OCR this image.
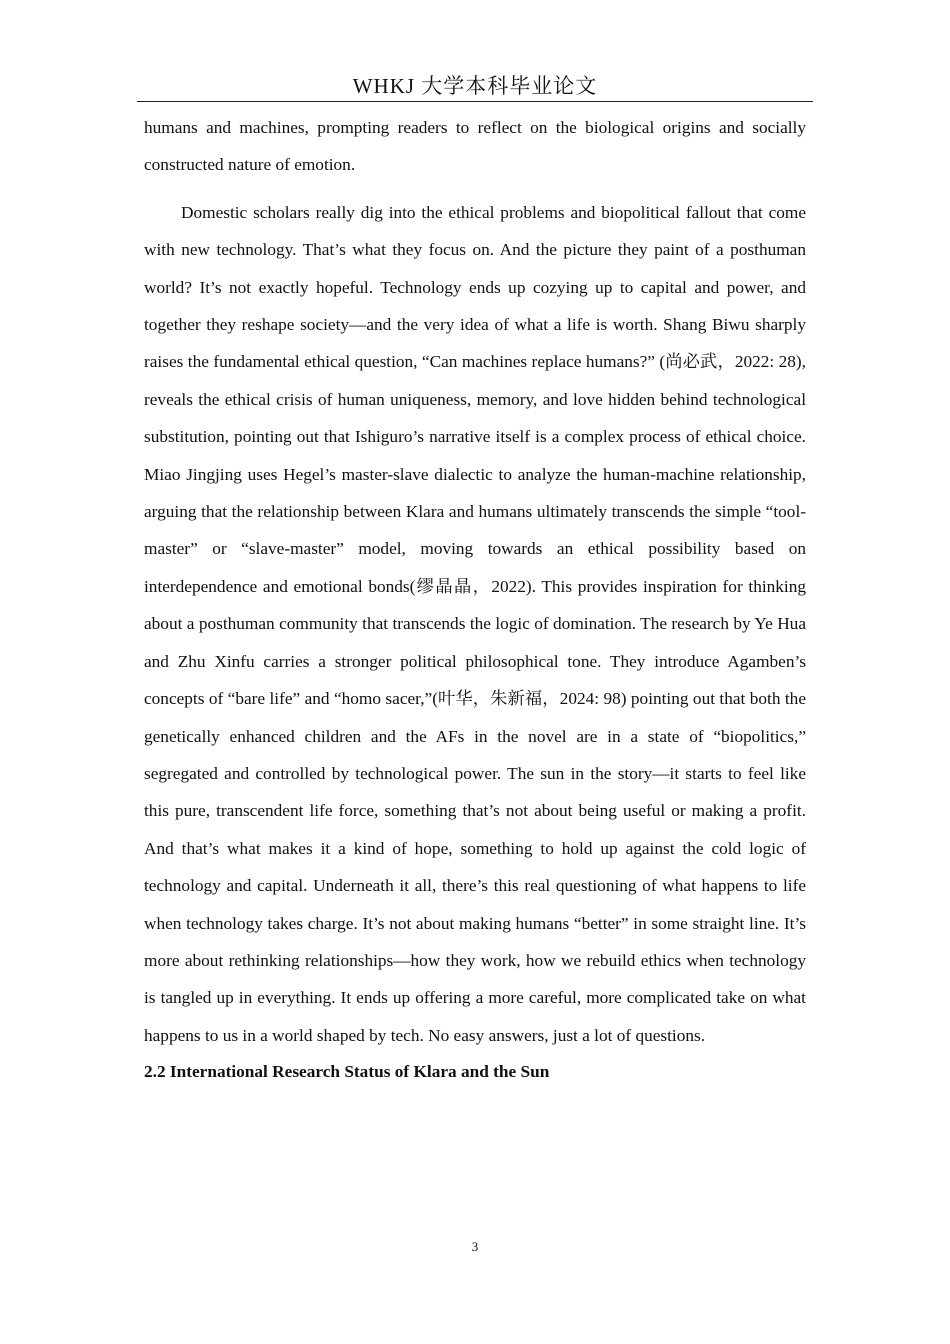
WHKJ 大学本科毕业论文

humans and machines, prompting readers to reflect on the biological origins and socially constructed nature of emotion.

Domestic scholars really dig into the ethical problems and biopolitical fallout that come with new technology. That’s what they focus on. And the picture they paint of a posthuman world? It’s not exactly hopeful. Technology ends up cozying up to capital and power, and together they reshape society—and the very idea of what a life is worth. Shang Biwu sharply raises the fundamental ethical question, “Can machines replace humans?” (尚必武，2022: 28), reveals the ethical crisis of human uniqueness, memory, and love hidden behind technological substitution, pointing out that Ishiguro’s narrative itself is a complex process of ethical choice. Miao Jingjing uses Hegel’s master-slave dialectic to analyze the human-machine relationship, arguing that the relationship between Klara and humans ultimately transcends the simple “tool-master” or “slave-master” model, moving towards an ethical possibility based on interdependence and emotional bonds(缪晶晶，2022). This provides inspiration for thinking about a posthuman community that transcends the logic of domination. The research by Ye Hua and Zhu Xinfu carries a stronger political philosophical tone. They introduce Agamben’s concepts of “bare life” and “homo sacer,”(叶华，朱新福，2024: 98) pointing out that both the genetically enhanced children and the AFs in the novel are in a state of “biopolitics,” segregated and controlled by technological power. The sun in the story—it starts to feel like this pure, transcendent life force, something that’s not about being useful or making a profit. And that’s what makes it a kind of hope, something to hold up against the cold logic of technology and capital. Underneath it all, there’s this real questioning of what happens to life when technology takes charge. It’s not about making humans “better” in some straight line. It’s more about rethinking relationships—how they work, how we rebuild ethics when technology is tangled up in everything. It ends up offering a more careful, more complicated take on what happens to us in a world shaped by tech. No easy answers, just a lot of questions.

2.2 International Research Status of Klara and the Sun

3
